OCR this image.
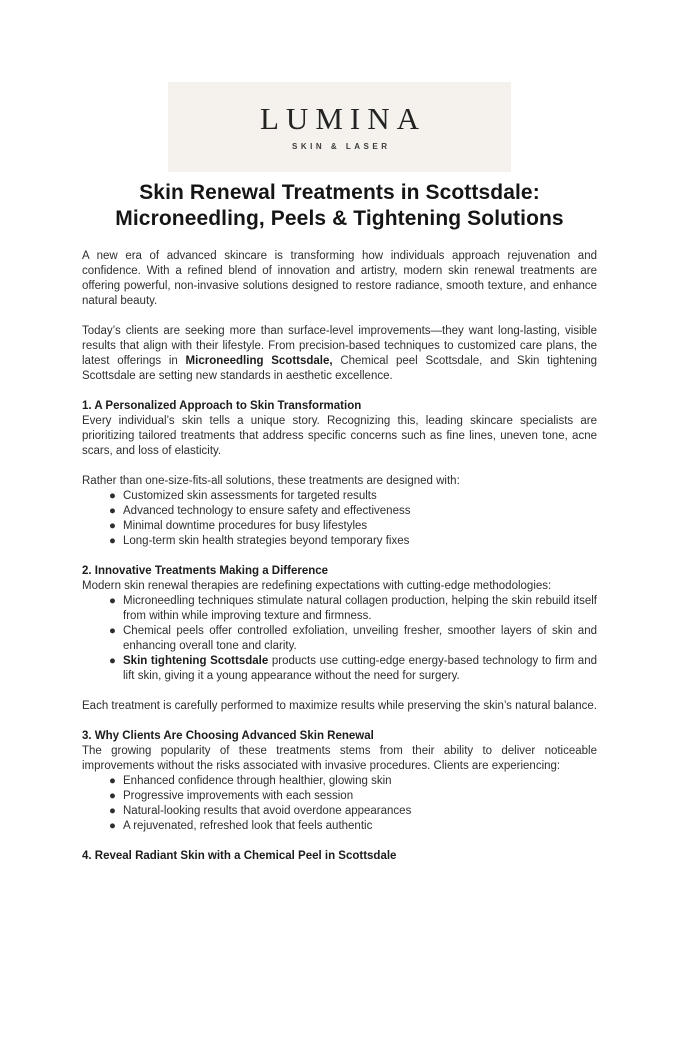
LUMINA
SKIN & LASER
Skin Renewal Treatments in Scottsdale:
Microneedling, Peels & Tightening Solutions

A new era of advanced skincare is transforming how individuals approach rejuvenation and confidence. With a refined blend of innovation and artistry, modern skin renewal treatments are offering powerful, non-invasive solutions designed to restore radiance, smooth texture, and enhance natural beauty.

Today’s clients are seeking more than surface-level improvements—they want long-lasting, visible results that align with their lifestyle. From precision-based techniques to customized care plans, the latest offerings in Microneedling Scottsdale, Chemical peel Scottsdale, and Skin tightening Scottsdale are setting new standards in aesthetic excellence.

1. A Personalized Approach to Skin Transformation

Every individual’s skin tells a unique story. Recognizing this, leading skincare specialists are prioritizing tailored treatments that address specific concerns such as fine lines, uneven tone, acne scars, and loss of elasticity.

Rather than one-size-fits-all solutions, these treatments are designed with:

● Customized skin assessments for targeted results
● Advanced technology to ensure safety and effectiveness
● Minimal downtime procedures for busy lifestyles
● Long-term skin health strategies beyond temporary fixes
2. Innovative Treatments Making a Difference

Modern skin renewal therapies are redefining expectations with cutting-edge methodologies:

● Microneedling techniques stimulate natural collagen production, helping the skin rebuild itself from within while improving texture and firmness.
● Chemical peels offer controlled exfoliation, unveiling fresher, smoother layers of skin and enhancing overall tone and clarity.
● Skin tightening Scottsdale products use cutting-edge energy-based technology to firm and lift skin, giving it a young appearance without the need for surgery.

Each treatment is carefully performed to maximize results while preserving the skin’s natural balance.

3. Why Clients Are Choosing Advanced Skin Renewal

The growing popularity of these treatments stems from their ability to deliver noticeable improvements without the risks associated with invasive procedures. Clients are experiencing:

● Enhanced confidence through healthier, glowing skin
● Progressive improvements with each session
● Natural-looking results that avoid overdone appearances
● A rejuvenated, refreshed look that feels authentic
4. Reveal Radiant Skin with a Chemical Peel in Scottsdale
